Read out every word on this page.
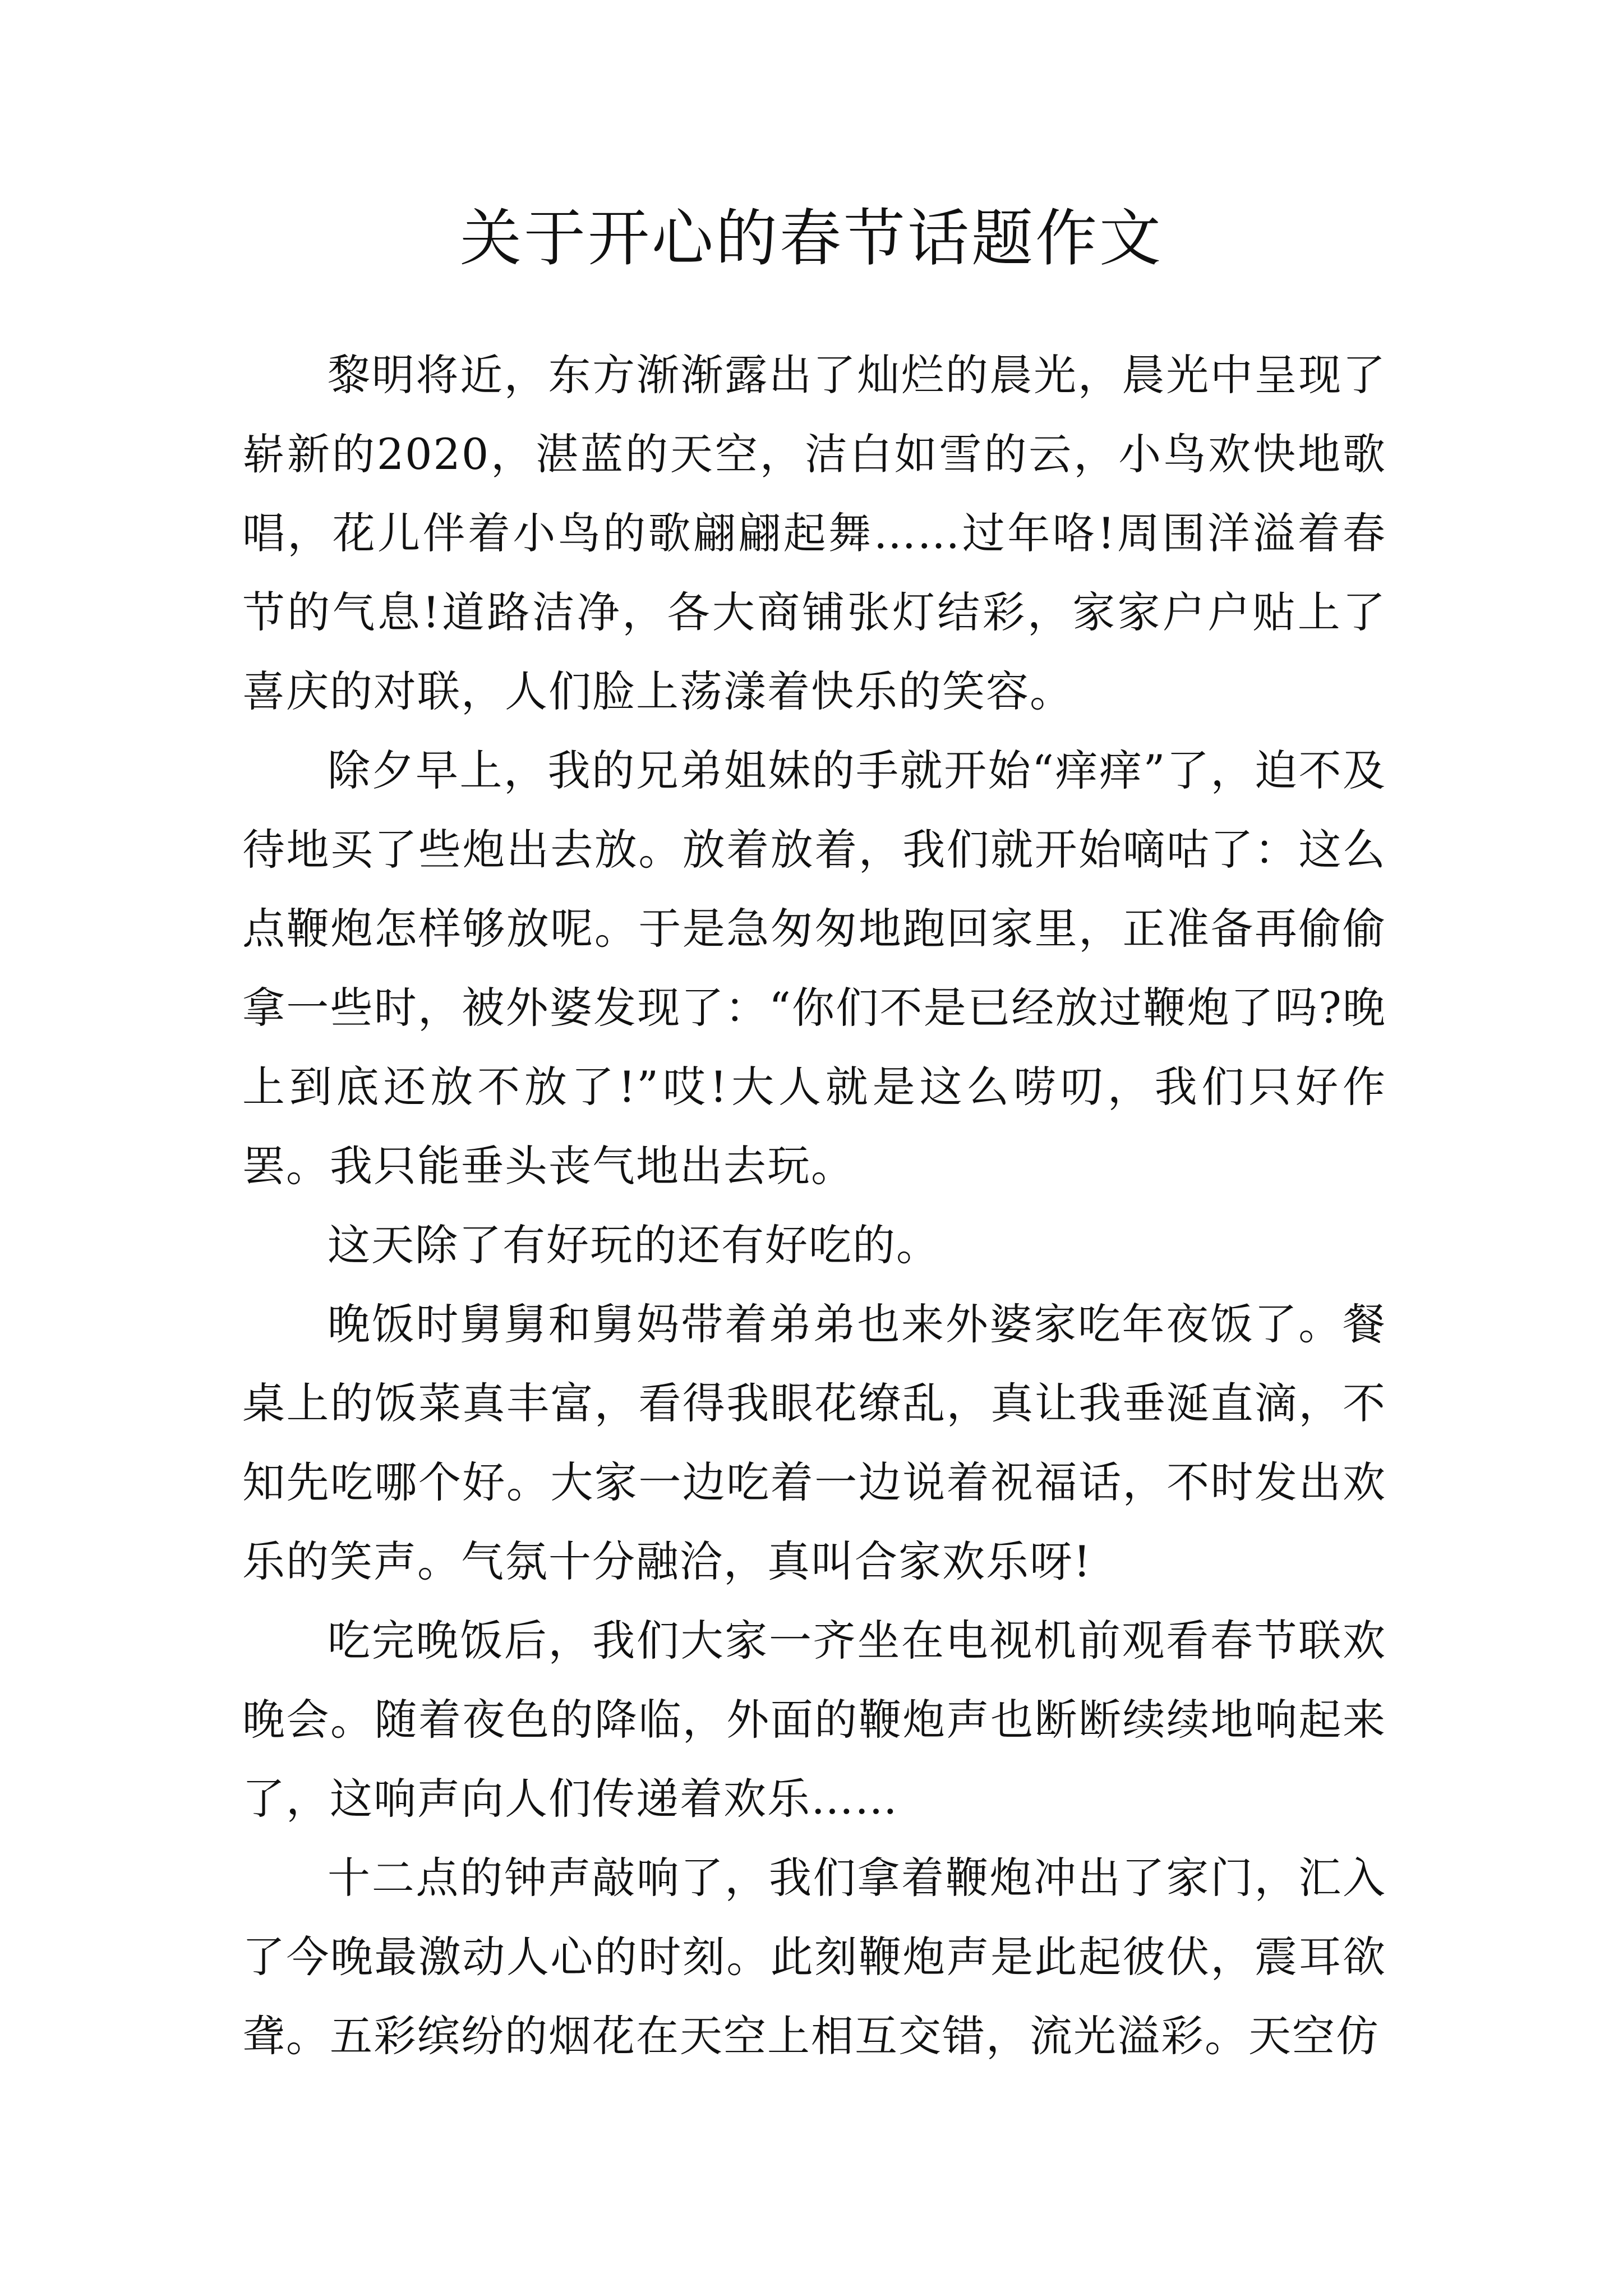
关于开心的春节话题作文

黎明将近，东方渐渐露出了灿烂的晨光，晨光中呈现了崭新的2020，湛蓝的天空，洁白如雪的云，小鸟欢快地歌唱，花儿伴着小鸟的歌翩翩起舞……过年咯!周围洋溢着春节的气息!道路洁净，各大商铺张灯结彩，家家户户贴上了喜庆的对联，人们脸上荡漾着快乐的笑容。

除夕早上，我的兄弟姐妹的手就开始“痒痒”了，迫不及待地买了些炮出去放。放着放着，我们就开始嘀咕了：这么点鞭炮怎样够放呢。于是急匆匆地跑回家里，正准备再偷偷拿一些时，被外婆发现了：“你们不是已经放过鞭炮了吗?晚上到底还放不放了!”哎!大人就是这么唠叨，我们只好作罢。我只能垂头丧气地出去玩。

这天除了有好玩的还有好吃的。

晚饭时舅舅和舅妈带着弟弟也来外婆家吃年夜饭了。餐桌上的饭菜真丰富，看得我眼花缭乱，真让我垂涎直滴，不知先吃哪个好。大家一边吃着一边说着祝福话，不时发出欢乐的笑声。气氛十分融洽，真叫合家欢乐呀!

吃完晚饭后，我们大家一齐坐在电视机前观看春节联欢晚会。随着夜色的降临，外面的鞭炮声也断断续续地响起来了，这响声向人们传递着欢乐……

十二点的钟声敲响了，我们拿着鞭炮冲出了家门，汇入了今晚最激动人心的时刻。此刻鞭炮声是此起彼伏，震耳欲聋。五彩缤纷的烟花在天空上相互交错，流光溢彩。天空仿
